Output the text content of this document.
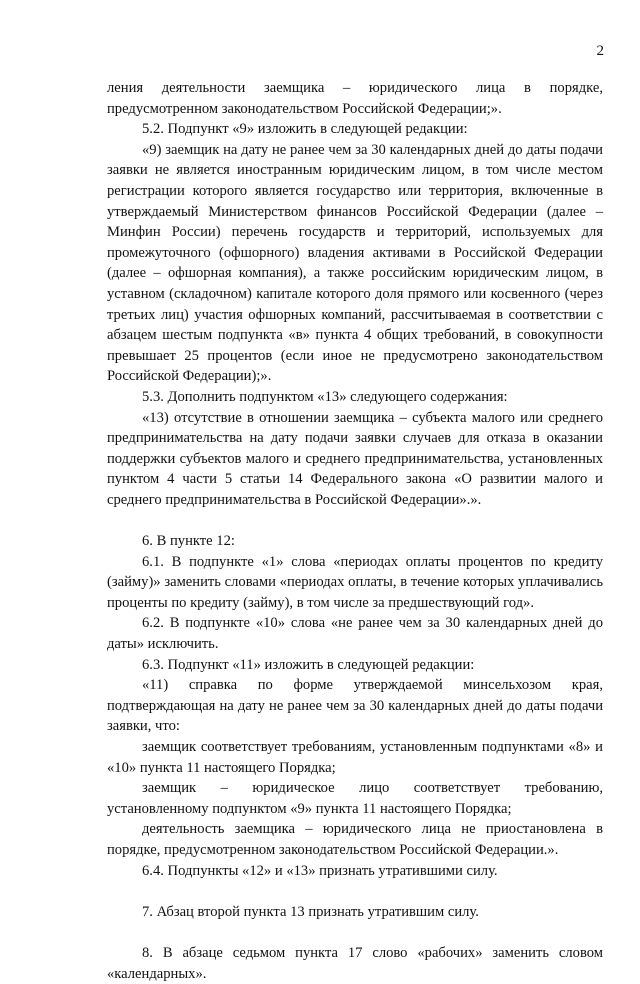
2

ления деятельности заемщика – юридического лица в порядке, предусмотренном законодательством Российской Федерации;».

5.2. Подпункт «9» изложить в следующей редакции:

«9) заемщик на дату не ранее чем за 30 календарных дней до даты подачи заявки не является иностранным юридическим лицом, в том числе местом регистрации которого является государство или территория, включенные в утверждаемый Министерством финансов Российской Федерации (далее – Минфин России) перечень государств и территорий, используемых для промежуточного (офшорного) владения активами в Российской Федерации (далее – офшорная компания), а также российским юридическим лицом, в уставном (складочном) капитале которого доля прямого или косвенного (через третьих лиц) участия офшорных компаний, рассчитываемая в соответствии с абзацем шестым подпункта «в» пункта 4 общих требований, в совокупности превышает 25 процентов (если иное не предусмотрено законодательством Российской Федерации);».

5.3. Дополнить подпунктом «13» следующего содержания:

«13) отсутствие в отношении заемщика – субъекта малого или среднего предпринимательства на дату подачи заявки случаев для отказа в оказании поддержки субъектов малого и среднего предпринимательства, установленных пунктом 4 части 5 статьи 14 Федерального закона «О развитии малого и среднего предпринимательства в Российской Федерации».».

6. В пункте 12:

6.1. В подпункте «1» слова «периодах оплаты процентов по кредиту (займу)» заменить словами «периодах оплаты, в течение которых уплачивались проценты по кредиту (займу), в том числе за предшествующий год».

6.2. В подпункте «10» слова «не ранее чем за 30 календарных дней до даты» исключить.

6.3. Подпункт «11» изложить в следующей редакции:

«11) справка по форме утверждаемой минсельхозом края, подтверждающая на дату не ранее чем за 30 календарных дней до даты подачи заявки, что:

заемщик соответствует требованиям, установленным подпунктами «8» и «10» пункта 11 настоящего Порядка;

заемщик – юридическое лицо соответствует требованию, установленному подпунктом «9» пункта 11 настоящего Порядка;

деятельность заемщика – юридического лица не приостановлена в порядке, предусмотренном законодательством Российской Федерации.».

6.4. Подпункты «12» и «13» признать утратившими силу.

7. Абзац второй пункта 13 признать утратившим силу.

8. В абзаце седьмом пункта 17 слово «рабочих» заменить словом «календарных».
